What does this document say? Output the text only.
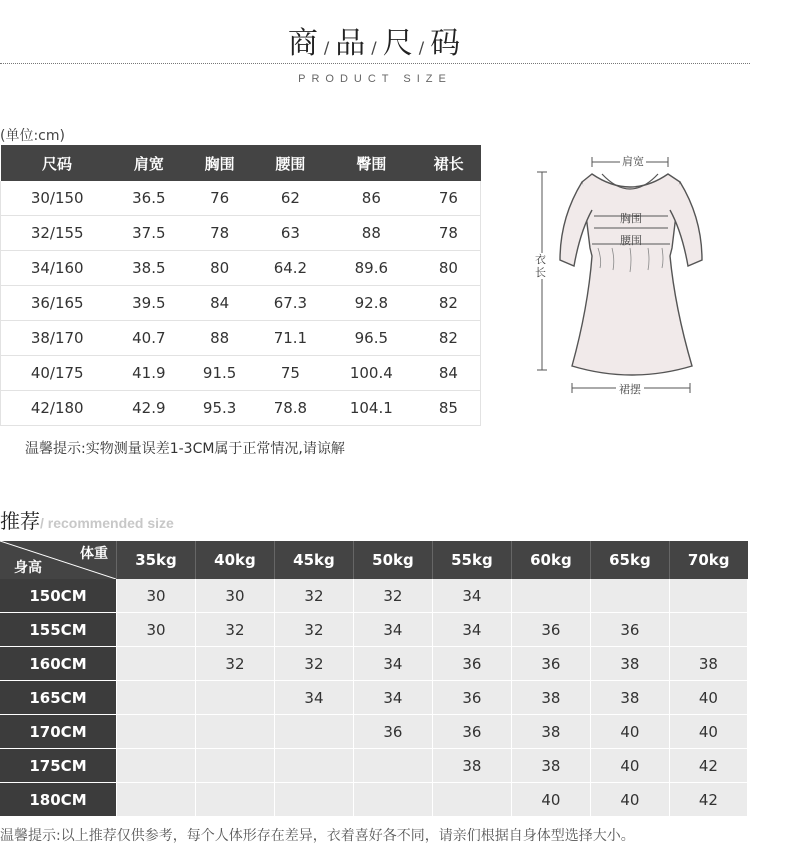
商 / 品 / 尺 / 码
PRODUCT SIZE
(单位:cm)
尺码	肩宽	胸围	腰围	臀围	裙长
30/150	36.5	76	62	86	76
32/155	37.5	78	63	88	78
34/160	38.5	80	64.2	89.6	80
36/165	39.5	84	67.3	92.8	82
38/170	40.7	88	71.1	96.5	82
40/175	41.9	91.5	75	100.4	84
42/180	42.9	95.3	78.8	104.1	85
温馨提示:实物测量误差1-3CM属于正常情况,请谅解
肩宽
胸围
腰围
衣长
裙摆
推荐/ recommended size
体重
身高	35kg	40kg	45kg	50kg	55kg	60kg	65kg	70kg
150CM	30	30	32	32	34			
155CM	30	32	32	34	34	36	36	
160CM		32	32	34	36	36	38	38
165CM			34	34	36	38	38	40
170CM				36	36	38	40	40
175CM					38	38	40	42
180CM						40	40	42
温馨提示:以上推荐仅供参考，每个人体形存在差异，衣着喜好各不同，请亲们根据自身体型选择大小。
